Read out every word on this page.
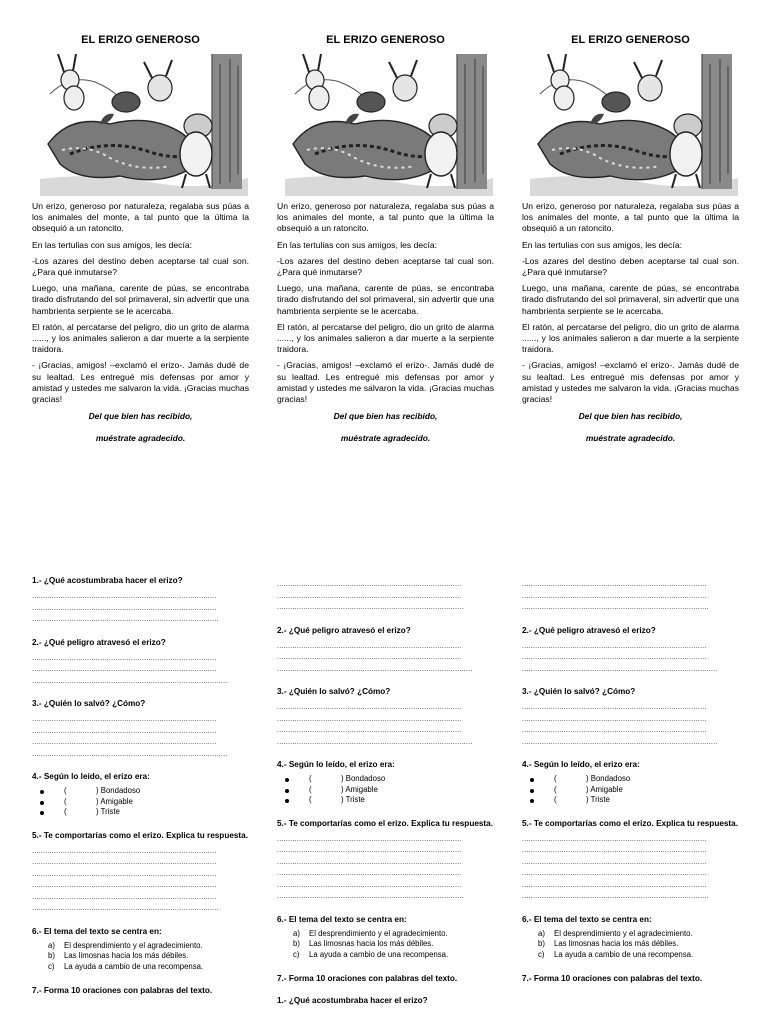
EL ERIZO GENEROSO

Un erizo, generoso por naturaleza, regalaba sus púas a los animales del monte, a tal punto que la última la obsequió a un ratoncito.

En las tertulias con sus amigos, les decía:

-Los azares del destino deben aceptarse tal cual son. ¿Para qué inmutarse?

Luego, una mañana, carente de púas, se encontraba tirado disfrutando del sol primaveral, sin advertir que una hambrienta serpiente se le acercaba.

El ratón, al percatarse del peligro, dio un grito de alarma ......, y los animales salieron a dar muerte a la serpiente traidora.

- ¡Gracias, amigos! –exclamó el erizo-. Jamás dudé de su lealtad. Les entregué mis defensas por amor y amistad y ustedes me salvaron la vida. ¡Gracias muchas gracias!

Del que bien has recibido,
muéstrate agradecido.
1.- ¿Qué acostumbraba hacer el erizo?
....................................................................................
....................................................................................
.....................................................................................
2.- ¿Qué peligro atravesó el erizo?
....................................................................................
....................................................................................
.........................................................................................
3.- ¿Quién lo salvó? ¿Cómo?
....................................................................................
....................................................................................
....................................................................................
.........................................................................................
4.- Según lo leído, el erizo era:
(	) Bondadoso
(	) Amigable
(	) Triste
5.- Te comportarías como el erizo. Explica tu respuesta.
....................................................................................
....................................................................................
....................................................................................
....................................................................................
....................................................................................
.....................................................................................
6.- El tema del texto se centra en:
a) El desprendimiento y el agradecimiento.
b) Las limosnas hacia los más débiles.
c) La ayuda a cambio de una recompensa.
7.- Forma 10 oraciones con palabras del texto.
EL ERIZO GENEROSO

Un erizo, generoso por naturaleza, regalaba sus púas a los animales del monte, a tal punto que la última la obsequió a un ratoncito.

En las tertulias con sus amigos, les decía:

-Los azares del destino deben aceptarse tal cual son. ¿Para qué inmutarse?

Luego, una mañana, carente de púas, se encontraba tirado disfrutando del sol primaveral, sin advertir que una hambrienta serpiente se le acercaba.

El ratón, al percatarse del peligro, dio un grito de alarma ......, y los animales salieron a dar muerte a la serpiente traidora.

- ¡Gracias, amigos! –exclamó el erizo-. Jamás dudé de su lealtad. Les entregué mis defensas por amor y amistad y ustedes me salvaron la vida. ¡Gracias muchas gracias!

Del que bien has recibido,
muéstrate agradecido.
....................................................................................
....................................................................................
.....................................................................................
2.- ¿Qué peligro atravesó el erizo?
....................................................................................
....................................................................................
.........................................................................................
3.- ¿Quién lo salvó? ¿Cómo?
....................................................................................
....................................................................................
....................................................................................
.........................................................................................
4.- Según lo leído, el erizo era:
(	) Bondadoso
(	) Amigable
(	) Triste
5.- Te comportarías como el erizo. Explica tu respuesta.
....................................................................................
....................................................................................
....................................................................................
....................................................................................
....................................................................................
.....................................................................................
6.- El tema del texto se centra en:
a) El desprendimiento y el agradecimiento.
b) Las limosnas hacia los más débiles.
c) La ayuda a cambio de una recompensa.
7.- Forma 10 oraciones con palabras del texto.
1.- ¿Qué acostumbraba hacer el erizo?
EL ERIZO GENEROSO

Un erizo, generoso por naturaleza, regalaba sus púas a los animales del monte, a tal punto que la última la obsequió a un ratoncito.

En las tertulias con sus amigos, les decía:

-Los azares del destino deben aceptarse tal cual son. ¿Para qué inmutarse?

Luego, una mañana, carente de púas, se encontraba tirado disfrutando del sol primaveral, sin advertir que una hambrienta serpiente se le acercaba.

El ratón, al percatarse del peligro, dio un grito de alarma ......, y los animales salieron a dar muerte a la serpiente traidora.

- ¡Gracias, amigos! –exclamó el erizo-. Jamás dudé de su lealtad. Les entregué mis defensas por amor y amistad y ustedes me salvaron la vida. ¡Gracias muchas gracias!

Del que bien has recibido,
muéstrate agradecido.
....................................................................................
....................................................................................
.....................................................................................
2.- ¿Qué peligro atravesó el erizo?
....................................................................................
....................................................................................
.........................................................................................
3.- ¿Quién lo salvó? ¿Cómo?
....................................................................................
....................................................................................
....................................................................................
.........................................................................................
4.- Según lo leído, el erizo era:
(	) Bondadoso
(	) Amigable
(	) Triste
5.- Te comportarías como el erizo. Explica tu respuesta.
....................................................................................
....................................................................................
....................................................................................
....................................................................................
....................................................................................
.....................................................................................
6.- El tema del texto se centra en:
a) El desprendimiento y el agradecimiento.
b) Las limosnas hacia los más débiles.
c) La ayuda a cambio de una recompensa.
7.- Forma 10 oraciones con palabras del texto.
